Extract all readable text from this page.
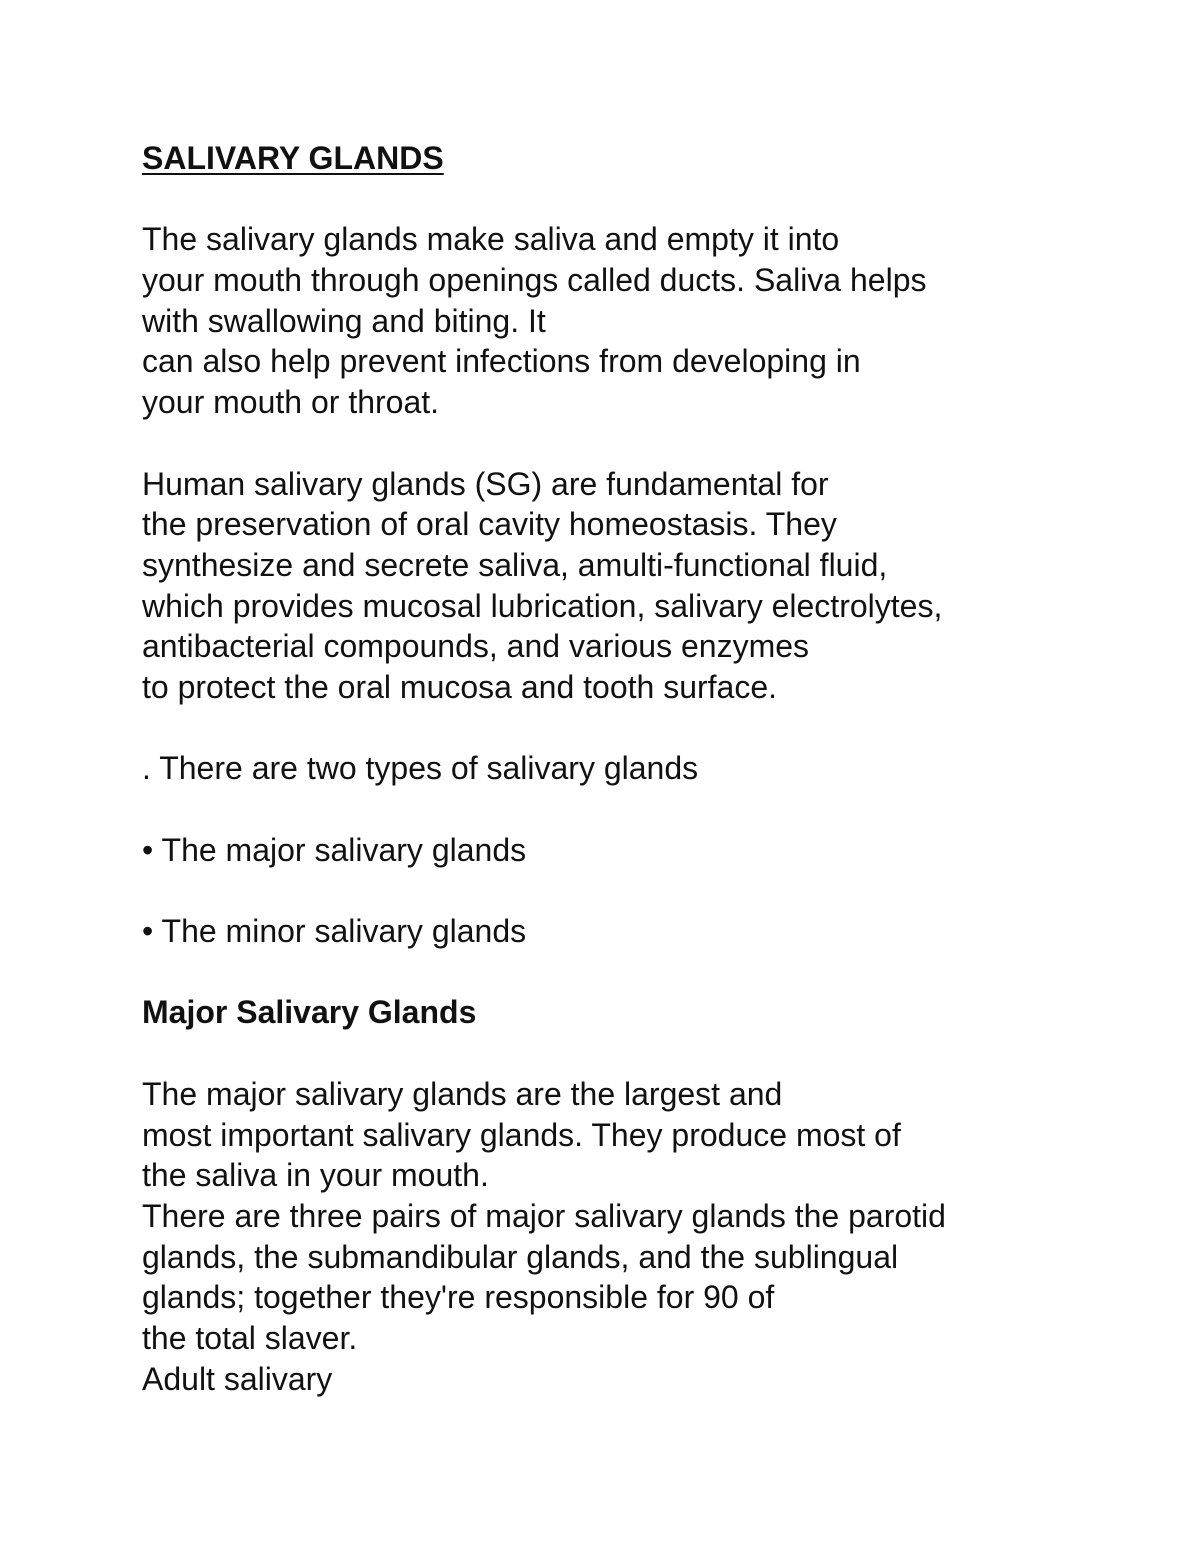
SALIVARY GLANDS
The salivary glands make saliva and empty it into
your mouth through openings called ducts. Saliva helps
with swallowing and biting. It
can also help prevent infections from developing in
your mouth or throat.
Human salivary glands (SG) are fundamental for
the preservation of oral cavity homeostasis. They
synthesize and secrete saliva, amulti-functional fluid,
which provides mucosal lubrication, salivary electrolytes,
antibacterial compounds, and various enzymes
to protect the oral mucosa and tooth surface.
. There are two types of salivary glands
• The major salivary glands
• The minor salivary glands
Major Salivary Glands
The major salivary glands are the largest and
most important salivary glands. They produce most of
the saliva in your mouth.
There are three pairs of major salivary glands the parotid
glands, the submandibular glands, and the sublingual
glands; together they're responsible for 90 of
the total slaver.
Adult salivary
